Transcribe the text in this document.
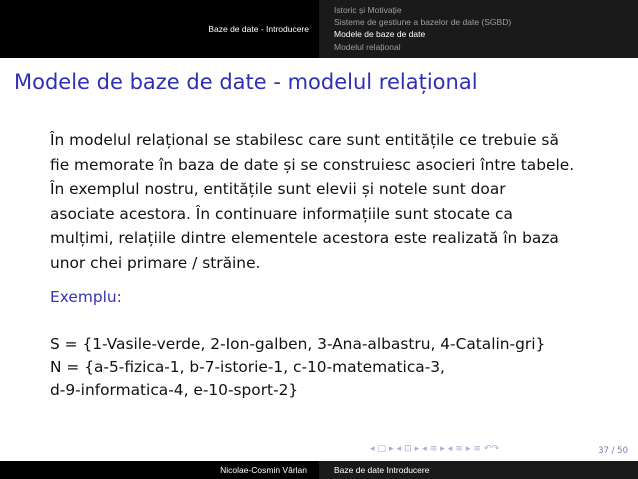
Baze de date - Introducere
Istoric și Motivație
Sisteme de gestiune a bazelor de date (SGBD)
Modele de baze de date
Modelul relațional
Modele de baze de date - modelul relațional
În modelul relațional se stabilesc care sunt entitățile ce trebuie să
fie memorate în baza de date și se construiesc asocieri între tabele.
În exemplul nostru, entitățile sunt elevii și notele sunt doar
asociate acestora. În continuare informațiile sunt stocate ca
mulțimi, relațiile dintre elementele acestora este realizată în baza
unor chei primare / străine.
Exemplu:
S = {1-Vasile-verde, 2-Ion-galben, 3-Ana-albastru, 4-Catalin-gri}
N = {a-5-fizica-1, b-7-istorie-1, c-10-matematica-3,
d-9-informatica-4, e-10-sport-2}
◂ □ ▸ ◂ ⊡ ▸ ◂ ≡ ▸ ◂ ≡ ▸ ≡ ↶↷	37 / 50
Nicolae-Cosmin Vârlan	Baze de date Introducere
